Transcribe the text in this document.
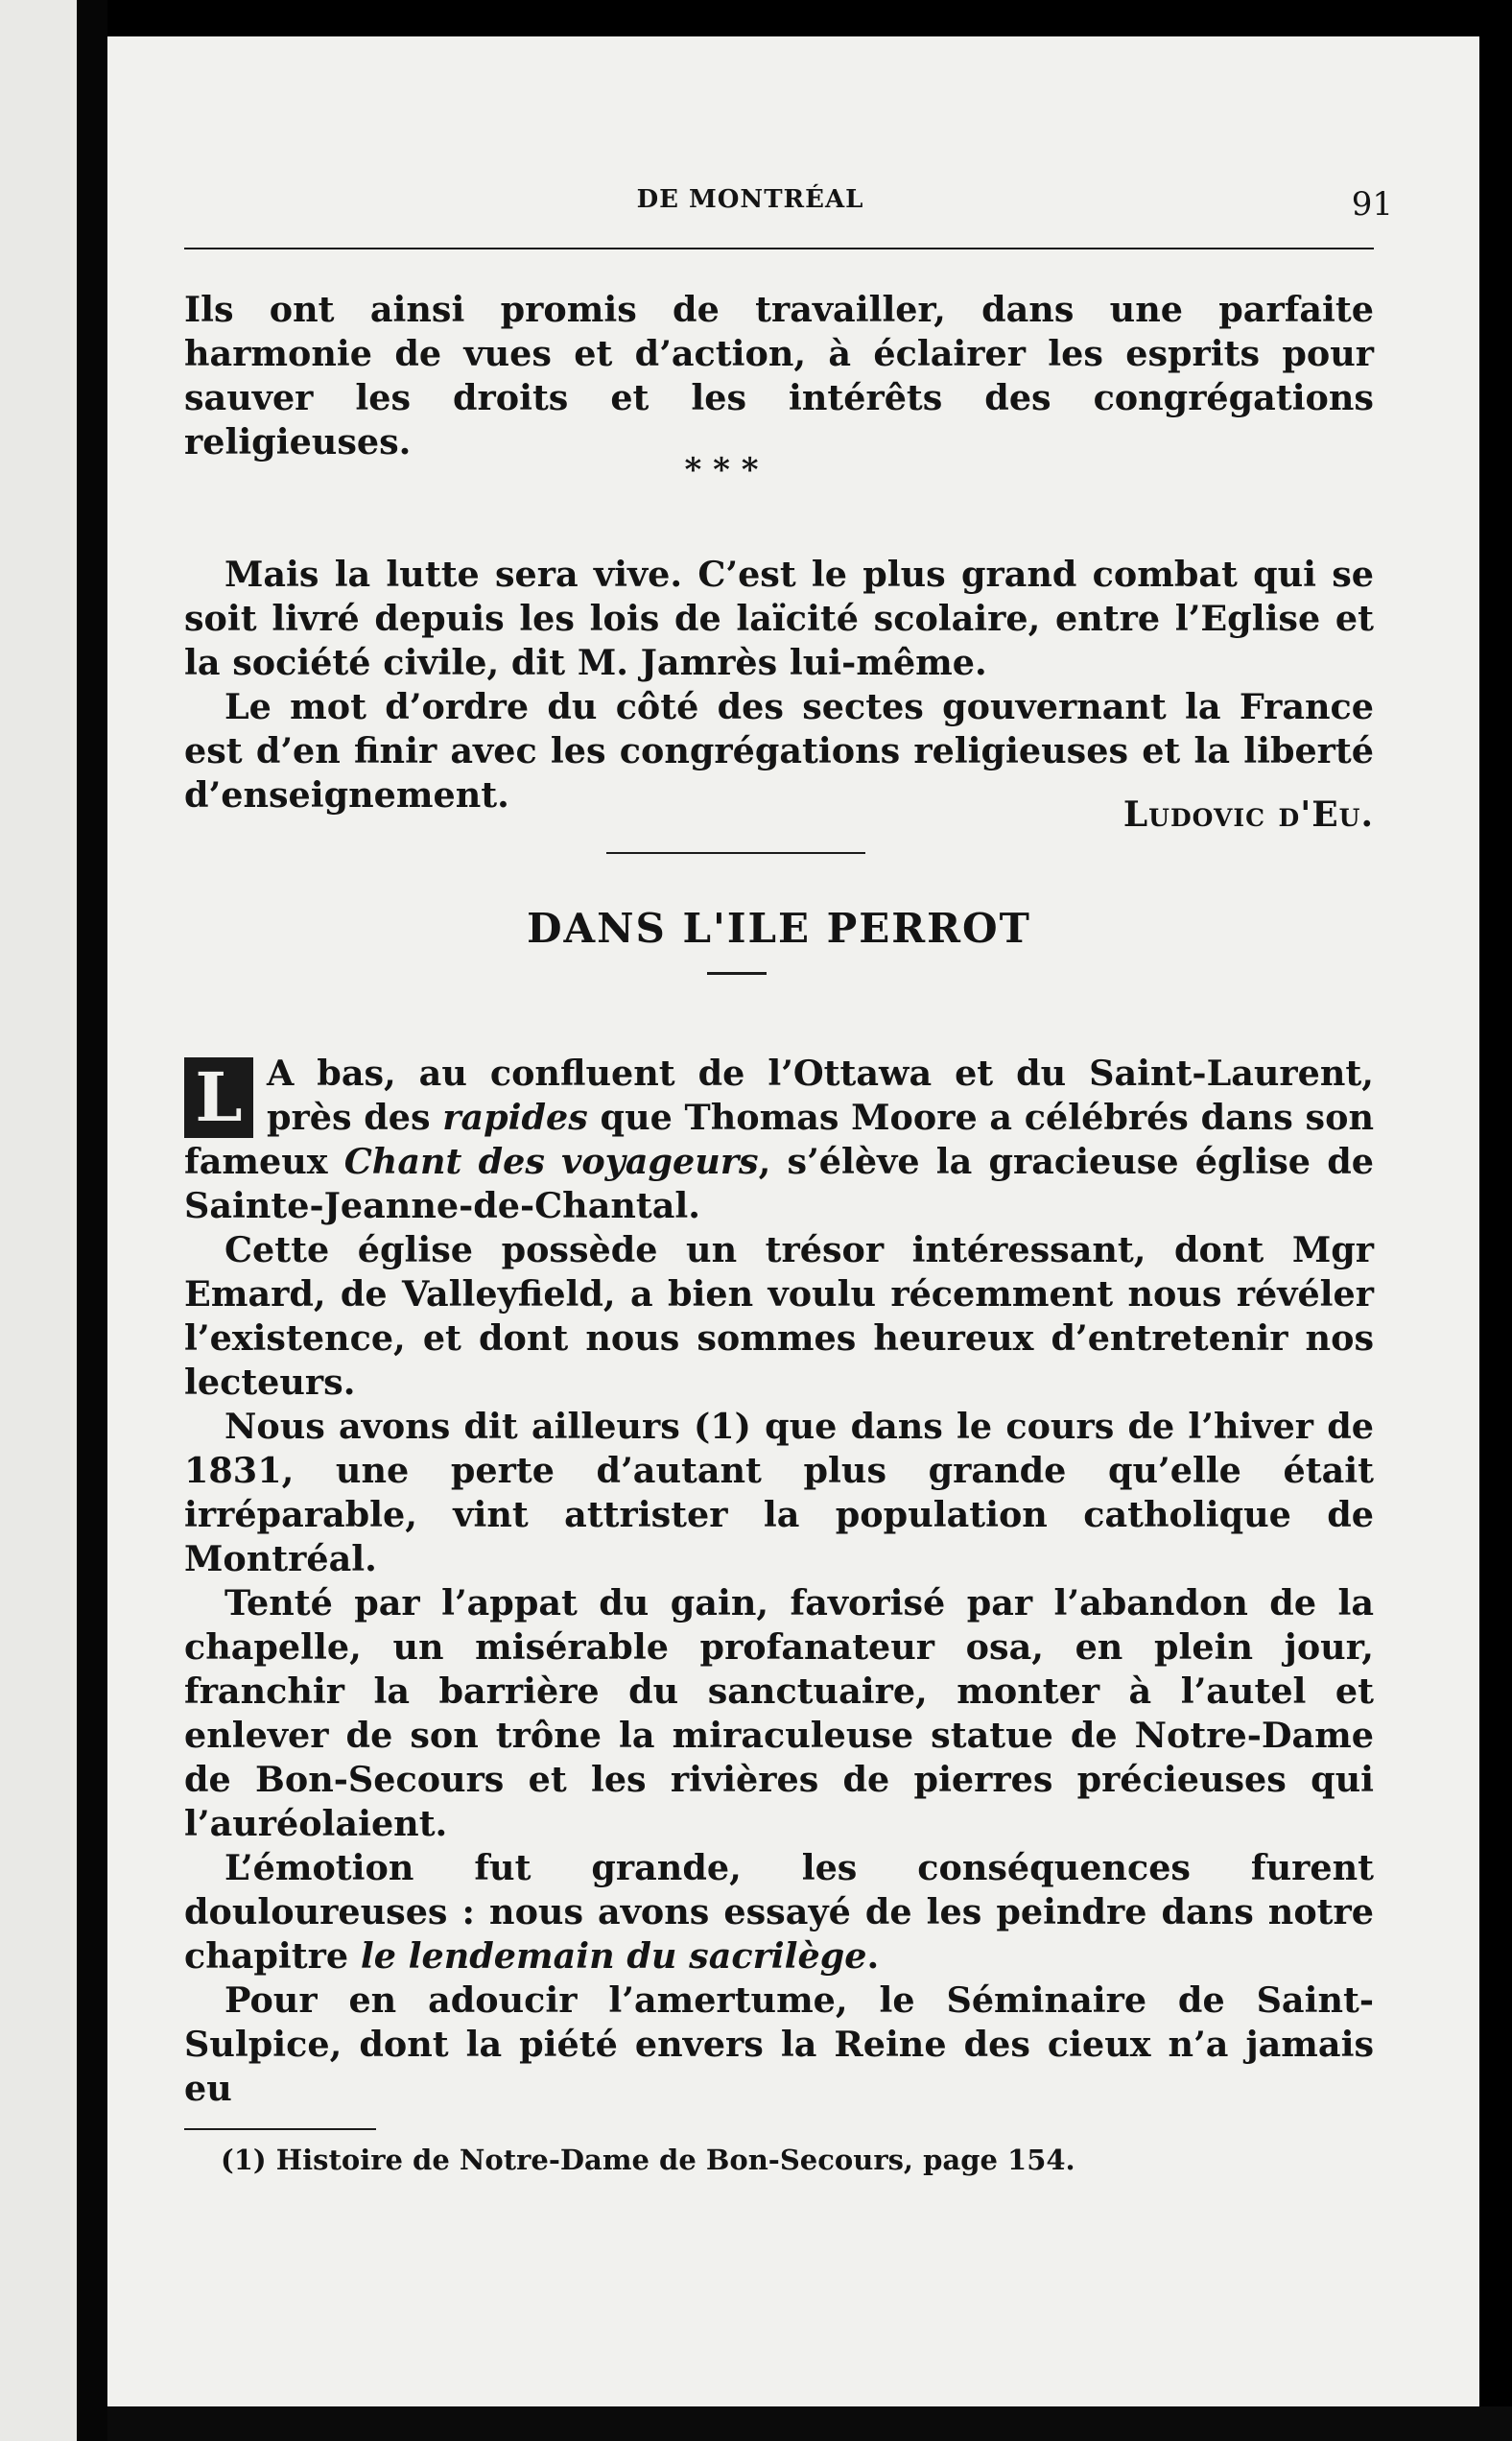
DE MONTRÉAL	91

Ils ont ainsi promis de travailler, dans une parfaite harmonie de vues et d’action, à éclairer les esprits pour sauver les droits et les intérêts des congrégations religieuses.

* * *

Mais la lutte sera vive. C’est le plus grand combat qui se soit livré depuis les lois de laïcité scolaire, entre l’Eglise et la société civile, dit M. Jamrès lui-même.

Le mot d’ordre du côté des sectes gouvernant la France est d’en finir avec les congrégations religieuses et la liberté d’enseignement.	Ludovic d'Eu.
DANS L'ILE PERROT

L A bas, au confluent de l’Ottawa et du Saint-Laurent, près des rapides que Thomas Moore a célébrés dans son fameux Chant des voyageurs, s’élève la gracieuse église de Sainte-Jeanne-de-Chantal.

Cette église possède un trésor intéressant, dont Mgr Emard, de Valleyfield, a bien voulu récemment nous révéler l’existence, et dont nous sommes heureux d’entretenir nos lecteurs.

Nous avons dit ailleurs (1) que dans le cours de l’hiver de 1831, une perte d’autant plus grande qu’elle était irréparable, vint attrister la population catholique de Montréal.

Tenté par l’appat du gain, favorisé par l’abandon de la chapelle, un misérable profanateur osa, en plein jour, franchir la barrière du sanctuaire, monter à l’autel et enlever de son trône la miraculeuse statue de Notre-Dame de Bon-Secours et les rivières de pierres précieuses qui l’auréolaient.

L’émotion fut grande, les conséquences furent douloureuses : nous avons essayé de les peindre dans notre chapitre le lendemain du sacrilège.

Pour en adoucir l’amertume, le Séminaire de Saint-Sulpice, dont la piété envers la Reine des cieux n’a jamais eu

(1) Histoire de Notre-Dame de Bon-Secours, page 154.
